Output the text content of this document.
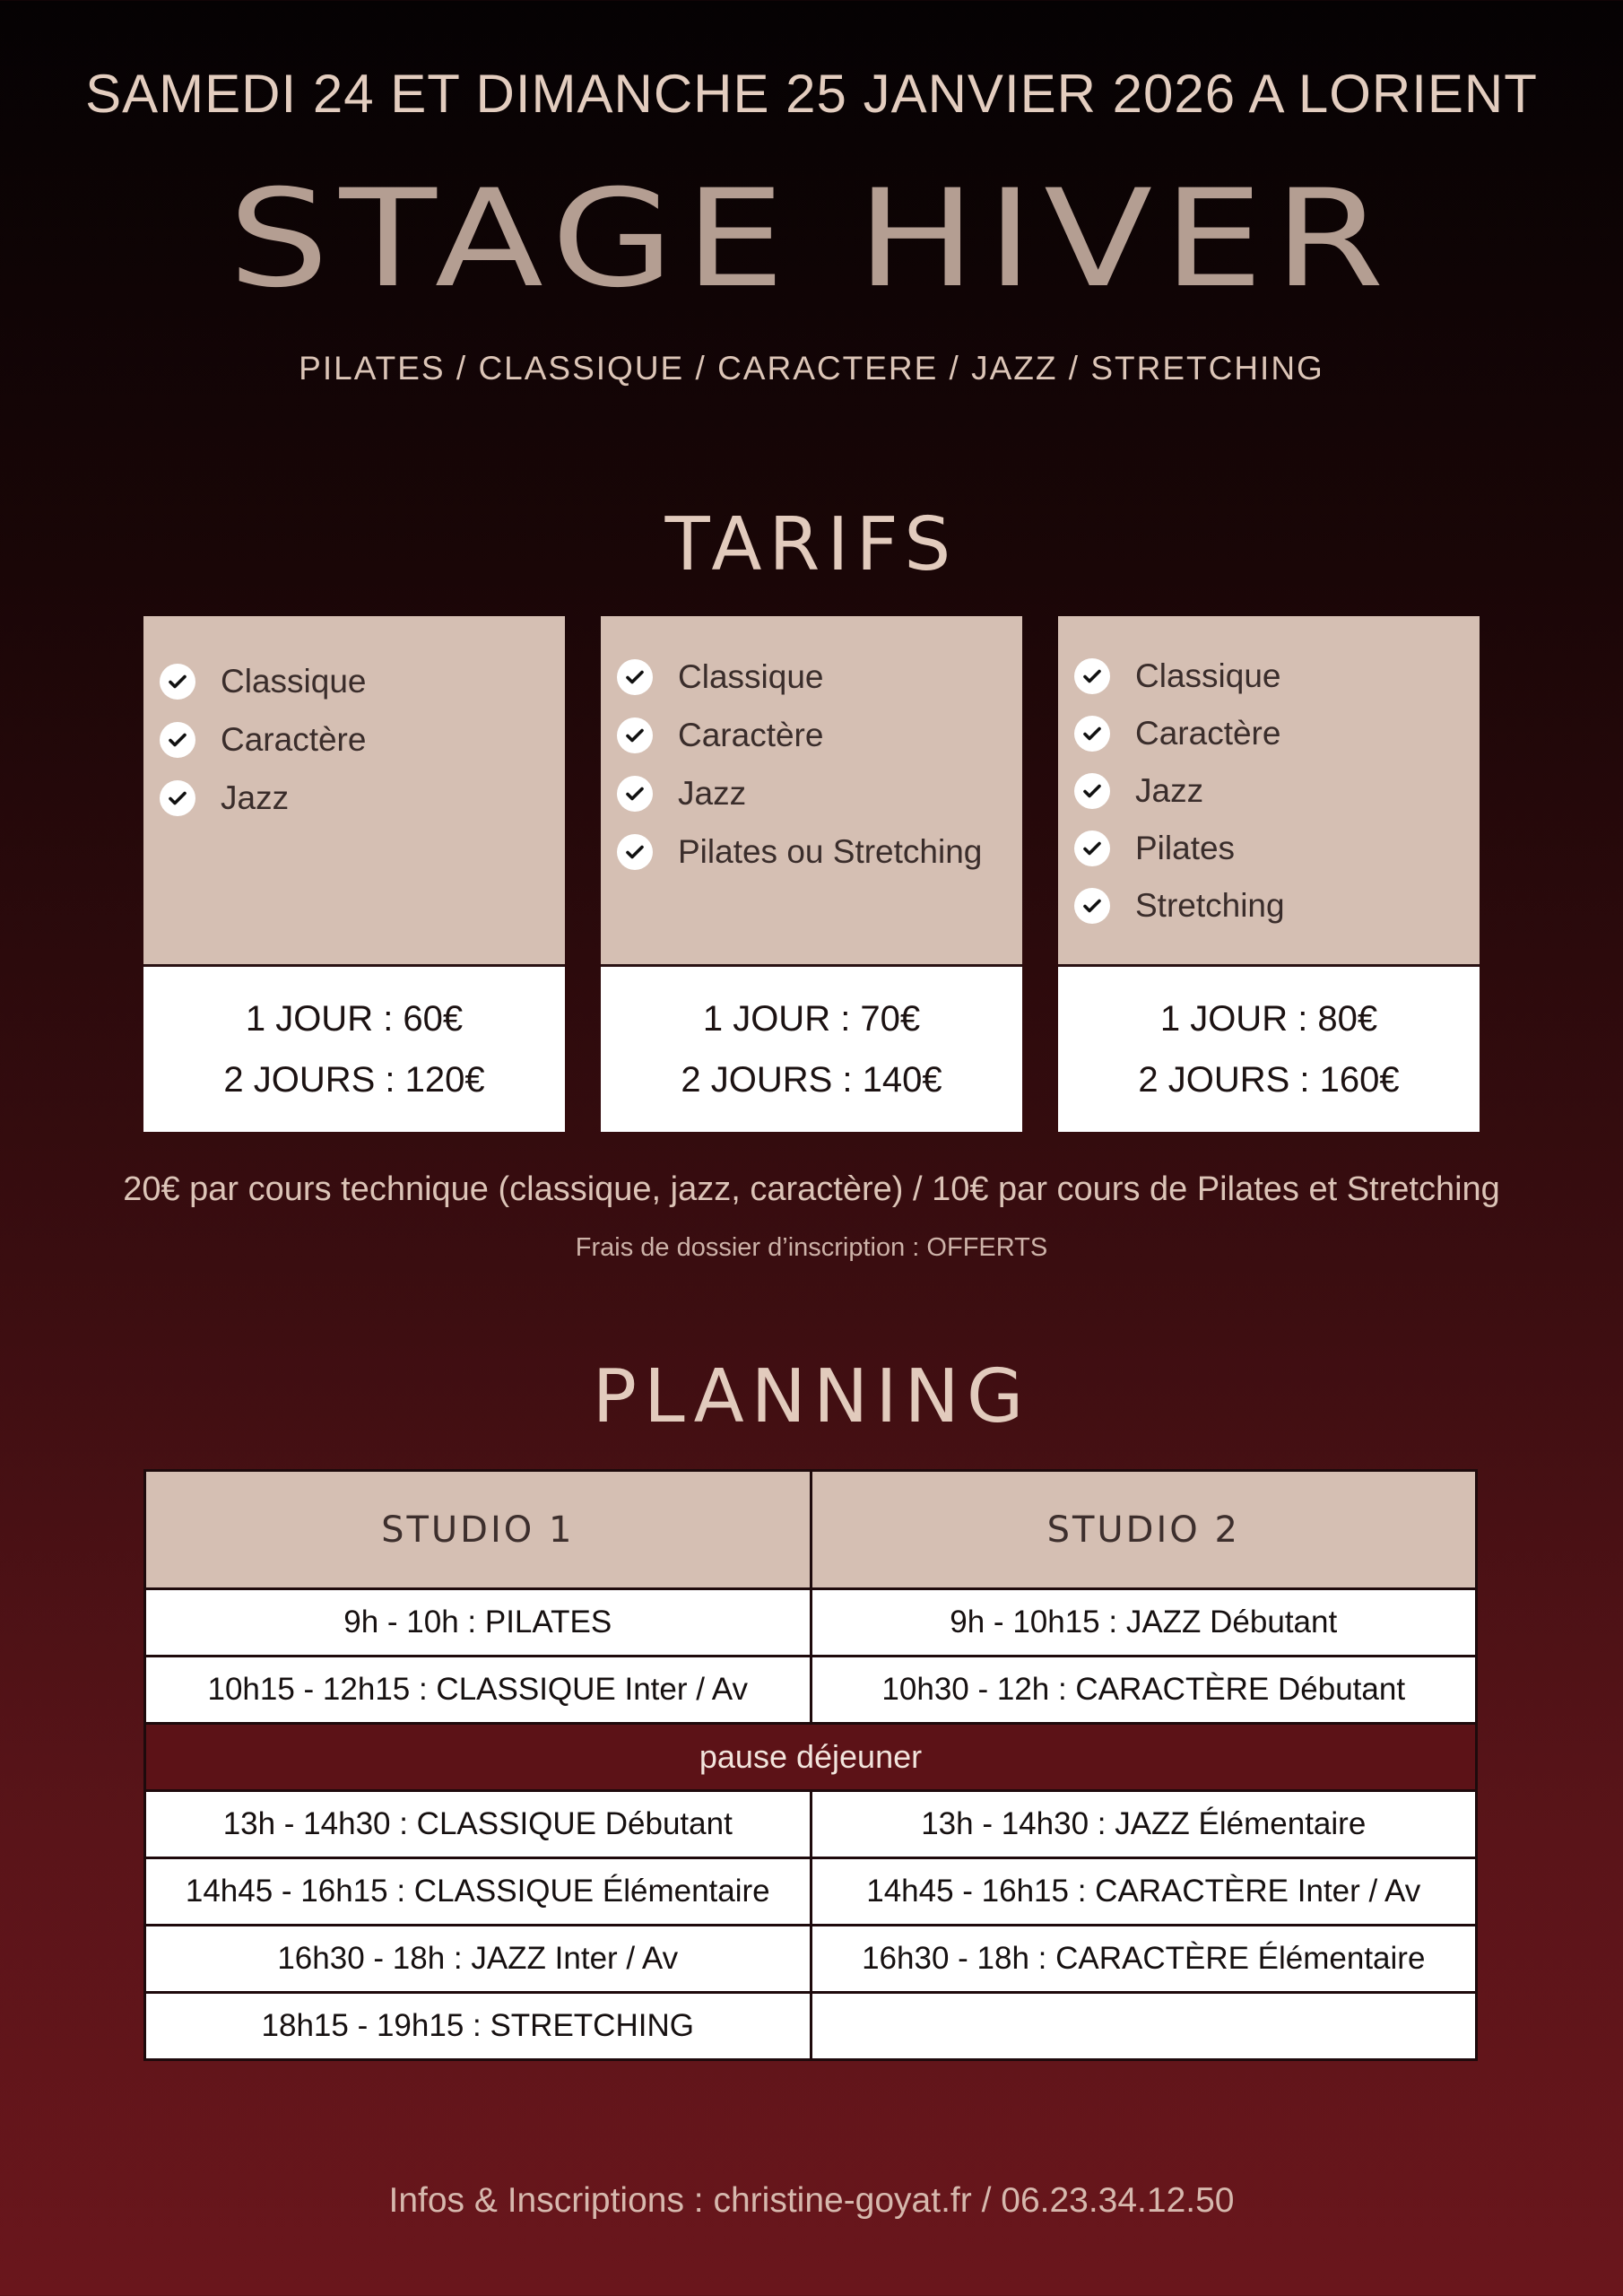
SAMEDI 24 ET DIMANCHE 25 JANVIER 2026 A LORIENT
STAGE HIVER
PILATES / CLASSIQUE / CARACTERE / JAZZ / STRETCHING
TARIFS
Classique
Caractère
Jazz
1 JOUR : 60€
2 JOURS : 120€
Classique
Caractère
Jazz
Pilates ou Stretching
1 JOUR : 70€
2 JOURS : 140€
Classique
Caractère
Jazz
Pilates
Stretching
1 JOUR : 80€
2 JOURS : 160€
20€ par cours technique (classique, jazz, caractère) / 10€ par cours de Pilates et Stretching
Frais de dossier d’inscription : OFFERTS
PLANNING
STUDIO 1	STUDIO 2
9h - 10h : PILATES	9h - 10h15 : JAZZ Débutant
10h15 - 12h15 : CLASSIQUE Inter / Av	10h30 - 12h : CARACTÈRE Débutant
pause déjeuner	
13h - 14h30 : CLASSIQUE Débutant	13h - 14h30 : JAZZ Élémentaire
14h45 - 16h15 : CLASSIQUE Élémentaire	14h45 - 16h15 : CARACTÈRE Inter / Av
16h30 - 18h : JAZZ Inter / Av	16h30 - 18h : CARACTÈRE Élémentaire
18h15 - 19h15 : STRETCHING	
Infos & Inscriptions : christine-goyat.fr / 06.23.34.12.50
